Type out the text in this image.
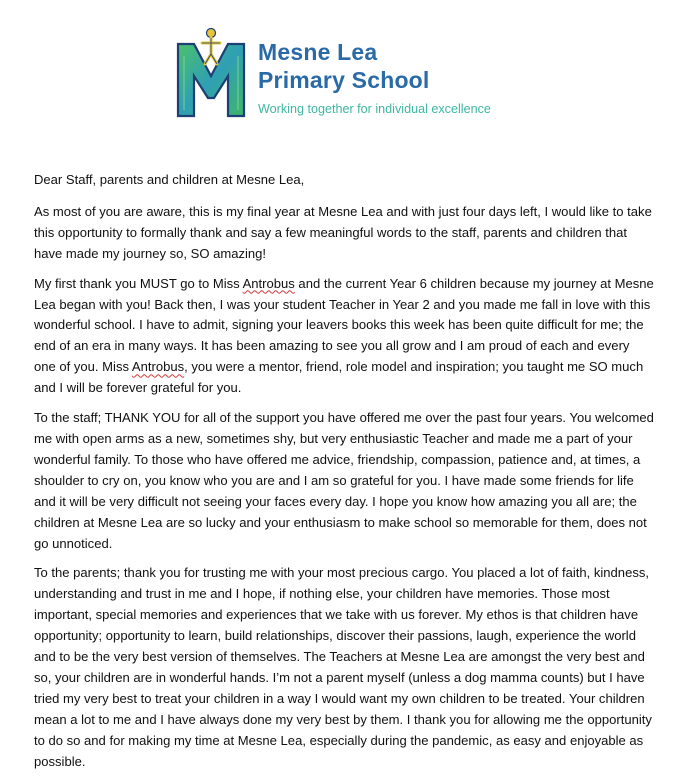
Mesne Lea
Primary School
Working together for individual excellence

Dear Staff, parents and children at Mesne Lea,

As most of you are aware, this is my final year at Mesne Lea and with just four days left, I would like to take this opportunity to formally thank and say a few meaningful words to the staff, parents and children that have made my journey so, SO amazing!

My first thank you MUST go to Miss Antrobus and the current Year 6 children because my journey at Mesne Lea began with you! Back then, I was your student Teacher in Year 2 and you made me fall in love with this wonderful school. I have to admit, signing your leavers books this week has been quite difficult for me; the end of an era in many ways. It has been amazing to see you all grow and I am proud of each and every one of you. Miss Antrobus, you were a mentor, friend, role model and inspiration; you taught me SO much and I will be forever grateful for you.

To the staff; THANK YOU for all of the support you have offered me over the past four years. You welcomed me with open arms as a new, sometimes shy, but very enthusiastic Teacher and made me a part of your wonderful family. To those who have offered me advice, friendship, compassion, patience and, at times, a shoulder to cry on, you know who you are and I am so grateful for you. I have made some friends for life and it will be very difficult not seeing your faces every day. I hope you know how amazing you all are; the children at Mesne Lea are so lucky and your enthusiasm to make school so memorable for them, does not go unnoticed.

To the parents; thank you for trusting me with your most precious cargo. You placed a lot of faith, kindness, understanding and trust in me and I hope, if nothing else, your children have memories. Those most important, special memories and experiences that we take with us forever. My ethos is that children have opportunity; opportunity to learn, build relationships, discover their passions, laugh, experience the world and to be the very best version of themselves. The Teachers at Mesne Lea are amongst the very best and so, your children are in wonderful hands. I’m not a parent myself (unless a dog mamma counts) but I have tried my very best to treat your children in a way I would want my own children to be treated. Your children mean a lot to me and I have always done my very best by them. I thank you for allowing me the opportunity to do so and for making my time at Mesne Lea, especially during the pandemic, as easy and enjoyable as possible.
